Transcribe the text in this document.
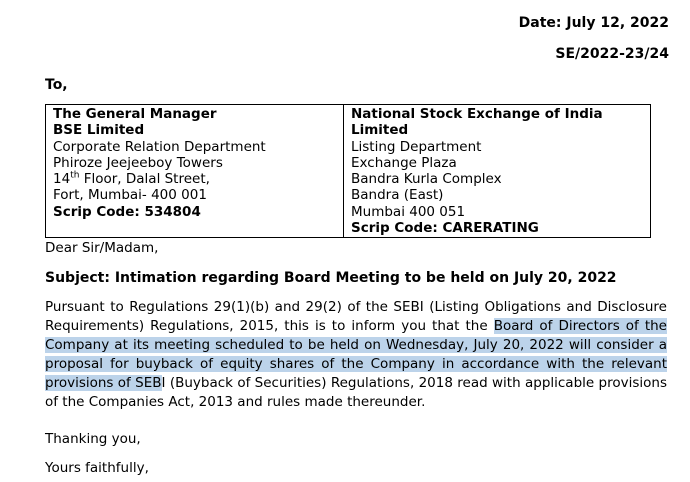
Date: July 12, 2022
SE/2022-23/24
To,
The General Manager
BSE Limited
Corporate Relation Department
Phiroze Jeejeeboy Towers
14th Floor, Dalal Street,
Fort, Mumbai- 400 001
Scrip Code: 534804

National Stock Exchange of India Limited
Listing Department
Exchange Plaza
Bandra Kurla Complex
Bandra (East)
Mumbai 400 051
Scrip Code: CARERATING
Dear Sir/Madam,
Subject: Intimation regarding Board Meeting to be held on July 20, 2022
Pursuant to Regulations 29(1)(b) and 29(2) of the SEBI (Listing Obligations and Disclosure Requirements) Regulations, 2015, this is to inform you that the Board of Directors of the Company at its meeting scheduled to be held on Wednesday, July 20, 2022 will consider a proposal for buyback of equity shares of the Company in accordance with the relevant provisions of SEBI (Buyback of Securities) Regulations, 2018 read with applicable provisions of the Companies Act, 2013 and rules made thereunder.
Thanking you,
Yours faithfully,
